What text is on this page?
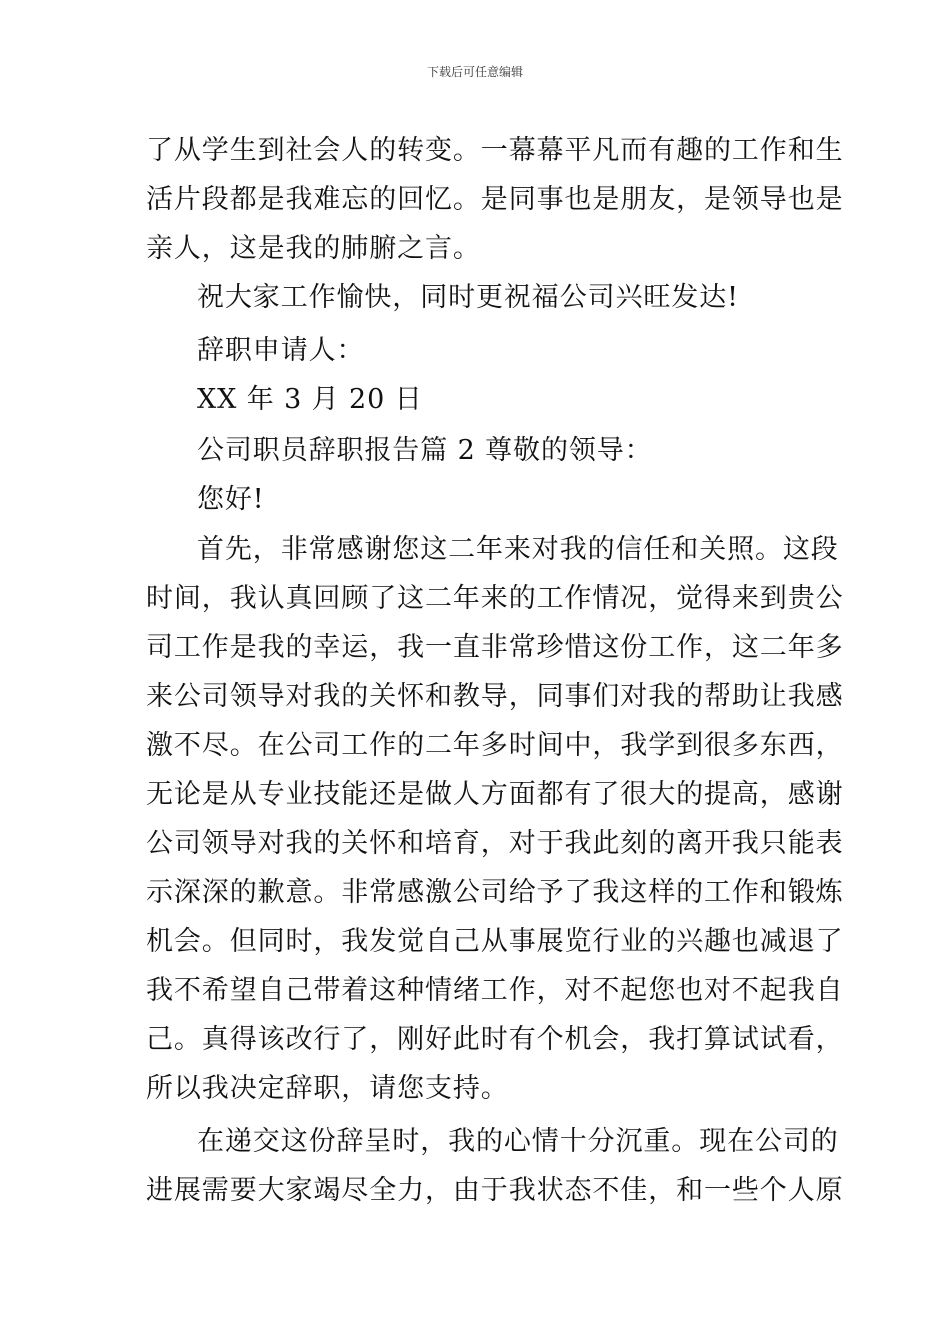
下载后可任意编辑
了从学生到社会人的转变。一幕幕平凡而有趣的工作和生
活片段都是我难忘的回忆。是同事也是朋友，是领导也是
亲人，这是我的肺腑之言。
祝大家工作愉快，同时更祝福公司兴旺发达!
辞职申请人：
XX 年 3 月 20 日
公司职员辞职报告篇 2 尊敬的领导：
您好!
首先，非常感谢您这二年来对我的信任和关照。这段
时间，我认真回顾了这二年来的工作情况，觉得来到贵公
司工作是我的幸运，我一直非常珍惜这份工作，这二年多
来公司领导对我的关怀和教导，同事们对我的帮助让我感
激不尽。在公司工作的二年多时间中，我学到很多东西，
无论是从专业技能还是做人方面都有了很大的提高，感谢
公司领导对我的关怀和培育，对于我此刻的离开我只能表
示深深的歉意。非常感激公司给予了我这样的工作和锻炼
机会。但同时，我发觉自己从事展览行业的兴趣也减退了
我不希望自己带着这种情绪工作，对不起您也对不起我自
己。真得该改行了，刚好此时有个机会，我打算试试看，
所以我决定辞职，请您支持。
在递交这份辞呈时，我的心情十分沉重。现在公司的
进展需要大家竭尽全力，由于我状态不佳，和一些个人原
